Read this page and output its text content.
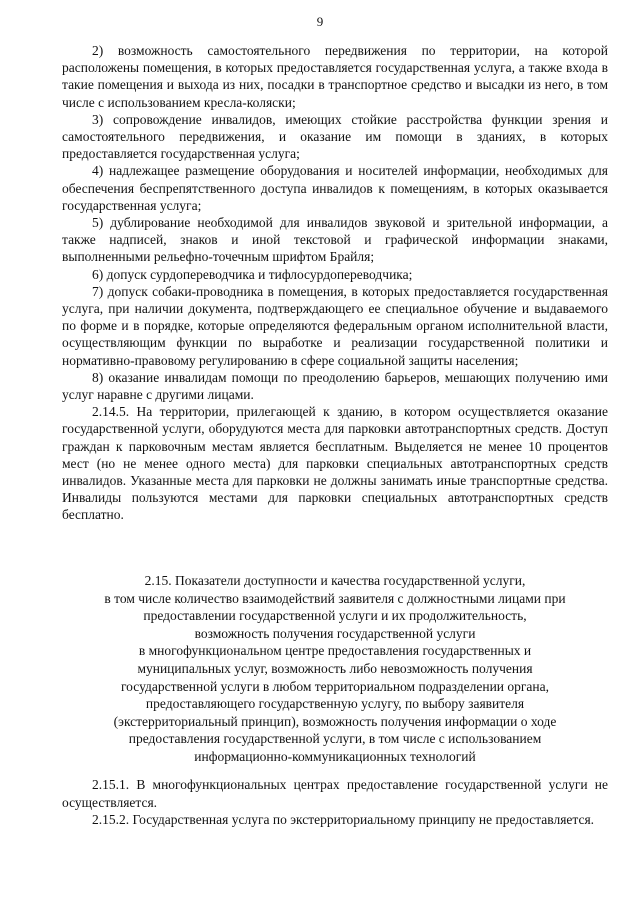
9

2) возможность самостоятельного передвижения по территории, на которой расположены помещения, в которых предоставляется государственная услуга, а также входа в такие помещения и выхода из них, посадки в транспортное средство и высадки из него, в том числе с использованием кресла-коляски;

3) сопровождение инвалидов, имеющих стойкие расстройства функции зрения и самостоятельного передвижения, и оказание им помощи в зданиях, в которых предоставляется государственная услуга;

4) надлежащее размещение оборудования и носителей информации, необходимых для обеспечения беспрепятственного доступа инвалидов к помещениям, в которых оказывается государственная услуга;

5) дублирование необходимой для инвалидов звуковой и зрительной информации, а также надписей, знаков и иной текстовой и графической информации знаками, выполненными рельефно-точечным шрифтом Брайля;

6) допуск сурдопереводчика и тифлосурдопереводчика;

7) допуск собаки-проводника в помещения, в которых предоставляется государственная услуга, при наличии документа, подтверждающего ее специальное обучение и выдаваемого по форме и в порядке, которые определяются федеральным органом исполнительной власти, осуществляющим функции по выработке и реализации государственной политики и нормативно-правовому регулированию в сфере социальной защиты населения;

8) оказание инвалидам помощи по преодолению барьеров, мешающих получению ими услуг наравне с другими лицами.

2.14.5. На территории, прилегающей к зданию, в котором осуществляется оказание государственной услуги, оборудуются места для парковки автотранспортных средств. Доступ граждан к парковочным местам является бесплатным. Выделяется не менее 10 процентов мест (но не менее одного места) для парковки специальных автотранспортных средств инвалидов. Указанные места для парковки не должны занимать иные транспортные средства. Инвалиды пользуются местами для парковки специальных автотранспортных средств бесплатно.

2.15. Показатели доступности и качества государственной услуги,
в том числе количество взаимодействий заявителя с должностными лицами при
предоставлении государственной услуги и их продолжительность,
возможность получения государственной услуги
в многофункциональном центре предоставления государственных и
муниципальных услуг, возможность либо невозможность получения
государственной услуги в любом территориальном подразделении органа,
предоставляющего государственную услугу, по выбору заявителя
(экстерриториальный принцип), возможность получения информации о ходе
предоставления государственной услуги, в том числе с использованием
информационно-коммуникационных технологий

2.15.1. В многофункциональных центрах предоставление государственной услуги не осуществляется.

2.15.2. Государственная услуга по экстерриториальному принципу не предоставляется.
